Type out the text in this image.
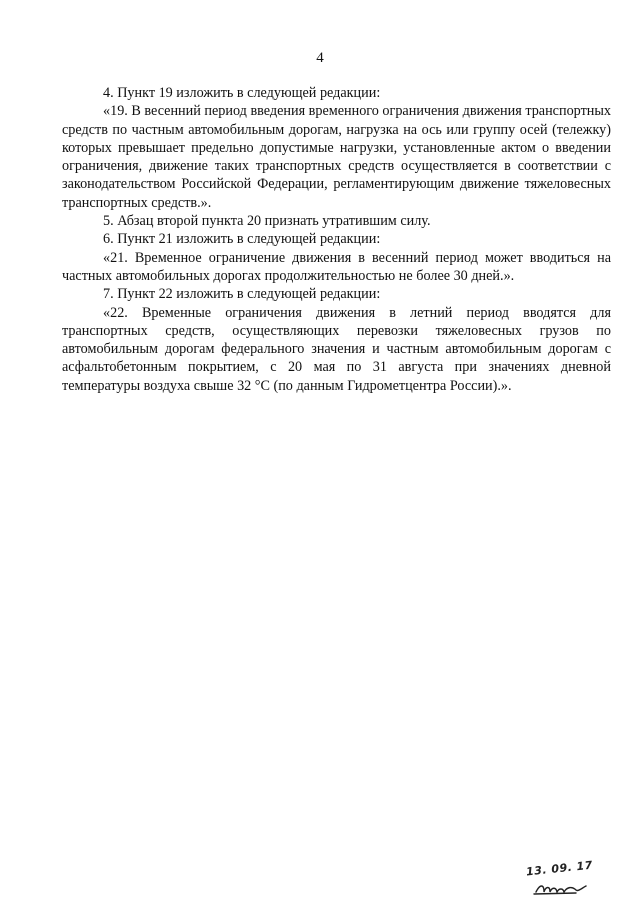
4

4. Пункт 19 изложить в следующей редакции:

«19. В весенний период введения временного ограничения движения транспортных средств по частным автомобильным дорогам, нагрузка на ось или группу осей (тележку) которых превышает предельно допустимые нагрузки, установленные актом о введении ограничения, движение таких транспортных средств осуществляется в соответствии с законодательством Российской Федерации, регламентирующим движение тяжеловесных транспортных средств.».

5. Абзац второй пункта 20 признать утратившим силу.

6. Пункт 21 изложить в следующей редакции:

«21. Временное ограничение движения в весенний период может вводиться на частных автомобильных дорогах продолжительностью не более 30 дней.».

7. Пункт 22 изложить в следующей редакции:

«22. Временные ограничения движения в летний период вводятся для транспортных средств, осуществляющих перевозки тяжеловесных грузов по автомобильным дорогам федерального значения и частным автомобильным дорогам с асфальтобетонным покрытием, с 20 мая по 31 августа при значениях дневной температуры воздуха свыше 32 °С (по данным Гидрометцентра России).».

13. 09. 17
